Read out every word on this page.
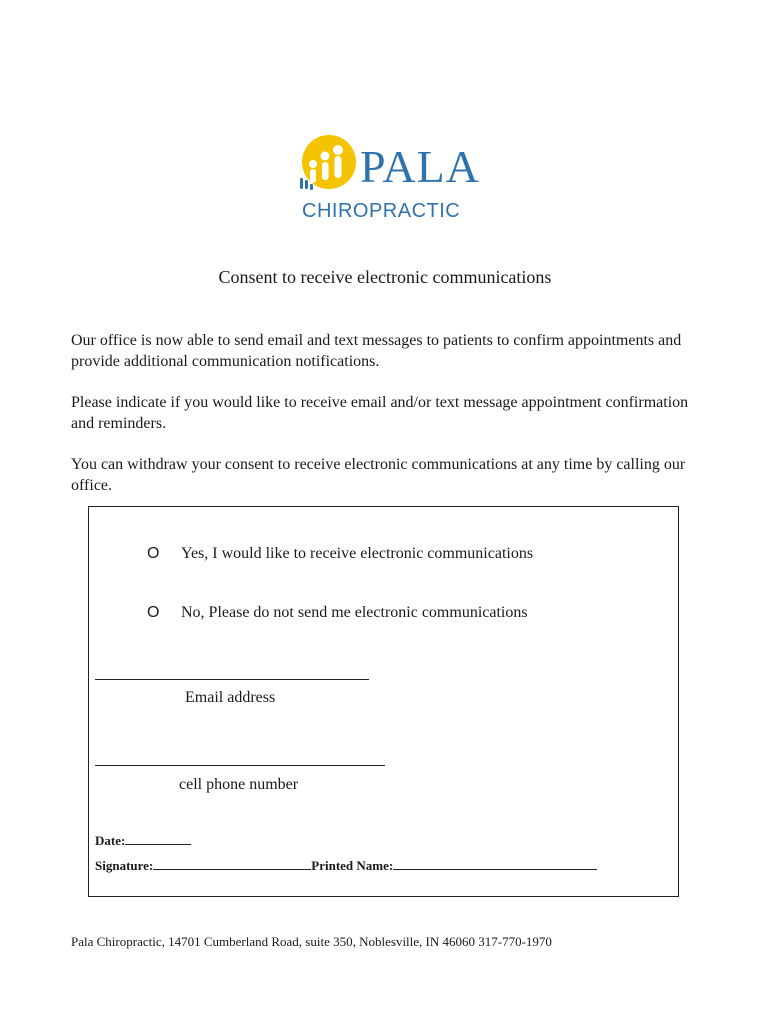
PALA
CHIROPRACTIC
Consent to receive electronic communications
Our office is now able to send email and text messages to patients to confirm appointments and provide additional communication notifications.
Please indicate if you would like to receive email and/or text message appointment confirmation and reminders.
You can withdraw your consent to receive electronic communications at any time by calling our office.
O	Yes, I would like to receive electronic communications
O	No, Please do not send me electronic communications
Email address
cell phone number
Date:
Signature:	Printed Name:
Pala Chiropractic, 14701 Cumberland Road, suite 350, Noblesville, IN 46060 317-770-1970
